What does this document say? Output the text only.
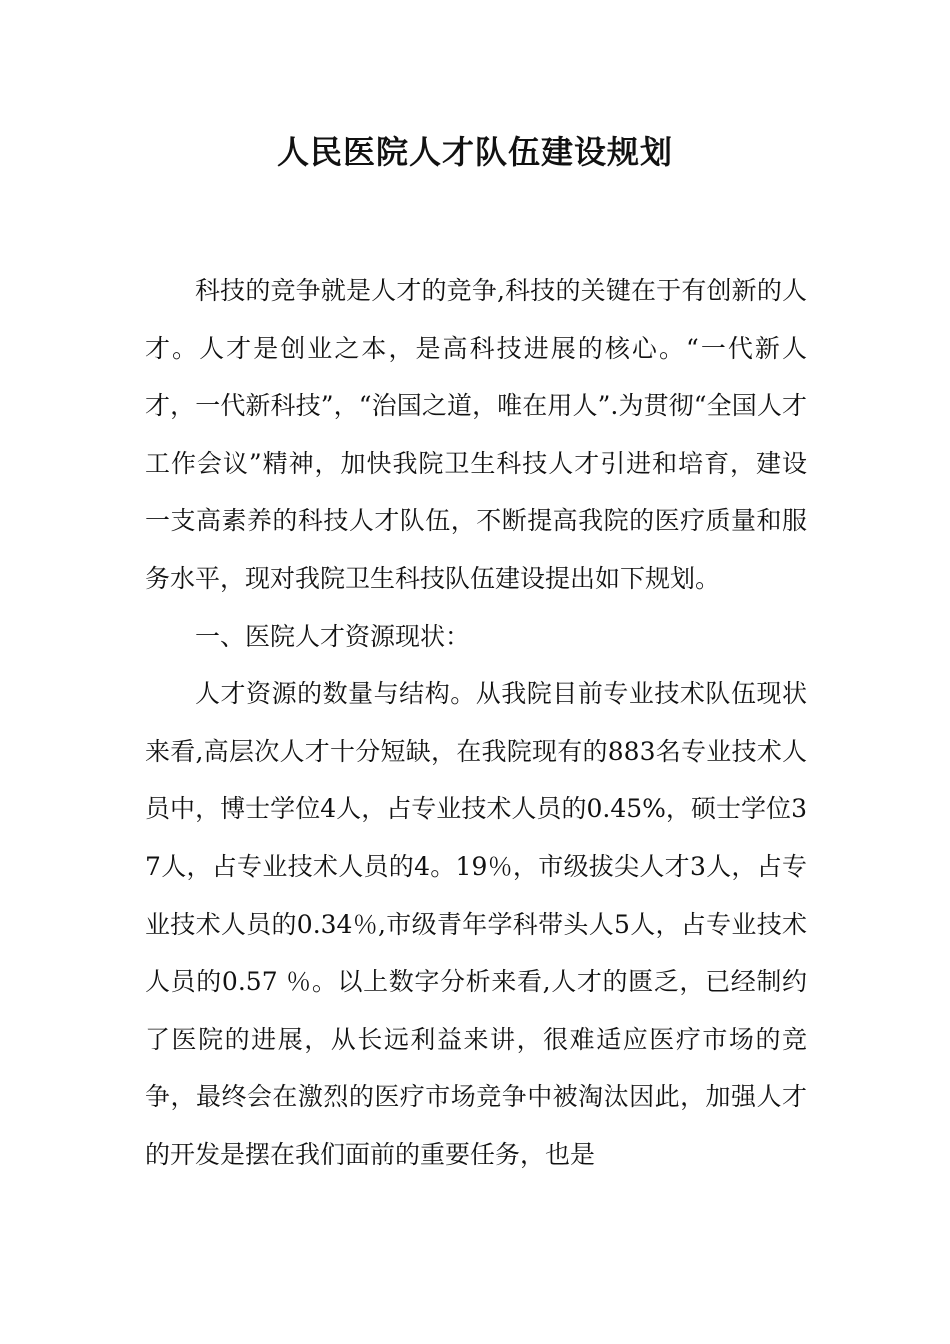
人民医院人才队伍建设规划

科技的竞争就是人才的竞争,科技的关键在于有创新的人才。人才是创业之本，是高科技进展的核心。“一代新人才，一代新科技”，“治国之道，唯在用人”.为贯彻“全国人才工作会议”精神，加快我院卫生科技人才引进和培育，建设一支高素养的科技人才队伍，不断提高我院的医疗质量和服务水平，现对我院卫生科技队伍建设提出如下规划。

一、医院人才资源现状：

人才资源的数量与结构。从我院目前专业技术队伍现状来看,高层次人才十分短缺，在我院现有的883名专业技术人员中，博士学位4人，占专业技术人员的0.45%，硕士学位37人，占专业技术人员的4。19％，市级拔尖人才3人，占专业技术人员的0.34％,市级青年学科带头人5人，占专业技术人员的0.57 ％。以上数字分析来看,人才的匮乏，已经制约了医院的进展，从长远利益来讲，很难适应医疗市场的竞争，最终会在激烈的医疗市场竞争中被淘汰因此，加强人才的开发是摆在我们面前的重要任务，也是
